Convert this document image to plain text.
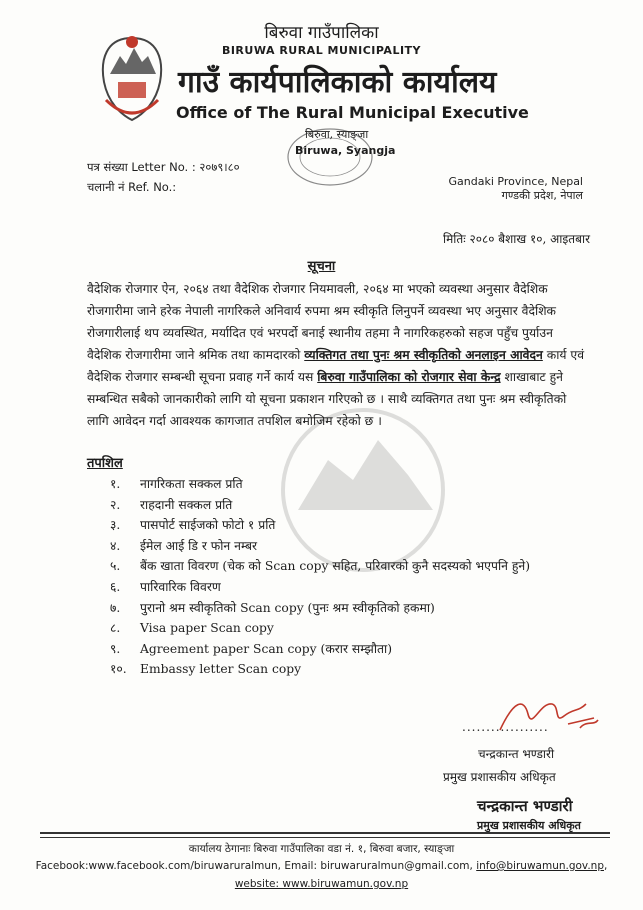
बिरुवा गाउँपालिका
BIRUWA RURAL MUNICIPALITY
गाउँ कार्यपालिकाको कार्यालय
Office of The Rural Municipal Executive
बिरुवा, स्याङ्जा
Biruwa, Syangja
पत्र संख्या Letter No. : २०७९।८०
चलानी नं Ref. No.:	Gandaki Province, Nepal
गण्डकी प्रदेश, नेपाल
मितिः २०८० बैशाख १०, आइतबार
सूचना
वैदेशिक रोजगार ऐन, २०६४ तथा वैदेशिक रोजगार नियमावली, २०६४ मा भएको व्यवस्था अनुसार वैदेशिक रोजगारीमा जाने हरेक नेपाली नागरिकले अनिवार्य रुपमा श्रम स्वीकृति लिनुपर्ने व्यवस्था भए अनुसार वैदेशिक रोजगारीलाई थप व्यवस्थित, मर्यादित एवं भरपर्दो बनाई स्थानीय तहमा नै नागरिकहरुको सहज पहुँच पुर्याउन वैदेशिक रोजगारीमा जाने श्रमिक तथा कामदारको व्यक्तिगत तथा पुनः श्रम स्वीकृतिको अनलाइन आवेदन कार्य एवं वैदेशिक रोजगार सम्बन्धी सूचना प्रवाह गर्ने कार्य यस बिरुवा गाउँपालिका को रोजगार सेवा केन्द्र शाखाबाट हुने सम्बन्धित सबैको जानकारीको लागि यो सूचना प्रकाशन गरिएको छ । साथै व्यक्तिगत तथा पुनः श्रम स्वीकृतिको लागि आवेदन गर्दा आवश्यक कागजात तपशिल बमोजिम रहेको छ ।
तपशिल
१. नागरिकता सक्कल प्रति
२. राहदानी सक्कल प्रति
३. पासपोर्ट साईजको फोटो १ प्रति
४. ईमेल आई डि र फोन नम्बर
५. बैंक खाता विवरण (चेक को Scan copy सहित, परिवारको कुनै सदस्यको भएपनि हुने)
६. पारिवारिक विवरण
७. पुरानो श्रम स्वीकृतिको Scan copy (पुनः श्रम स्वीकृतिको हकमा)
८. Visa paper Scan copy
९. Agreement paper Scan copy (करार सम्झौता)
१०. Embassy letter Scan copy
..................
चन्द्रकान्त भण्डारी
प्रमुख प्रशासकीय अधिकृत
चन्द्रकान्त भण्डारी
प्रमुख प्रशासकीय अधिकृत
कार्यालय ठेगानाः बिरुवा गाउँपालिका वडा नं. १, बिरुवा बजार, स्याङ्जा
Facebook:www.facebook.com/biruwaruralmun, Email: biruwaruralmun@gmail.com, info@biruwamun.gov.np,
website: www.biruwamun.gov.np
